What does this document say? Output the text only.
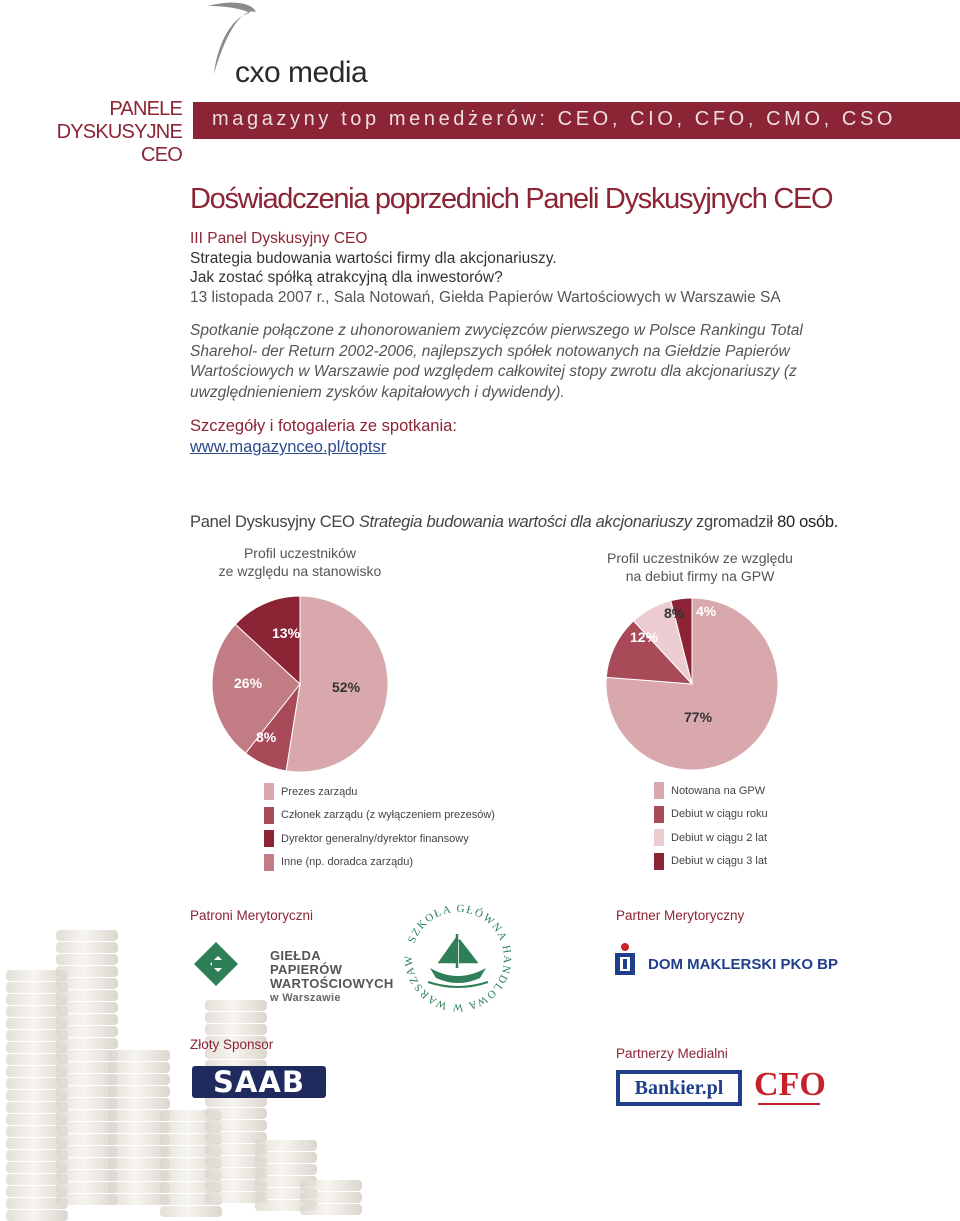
cxo media
PANELE DYSKUSYJNE
CEO
magazyny top menedżerów: CEO, CIO, CFO, CMO, CSO
Doświadczenia poprzednich Paneli Dyskusyjnych CEO
III Panel Dyskusyjny CEO
Strategia budowania wartości firmy dla akcjonariuszy.
Jak zostać spółką atrakcyjną dla inwestorów?
13 listopada 2007 r., Sala Notowań, Giełda Papierów Wartościowych w Warszawie SA
Spotkanie połączone z uhonorowaniem zwycięzców pierwszego w Polsce Rankingu Total Sharehol- der Return 2002-2006, najlepszych spółek notowanych na Giełdzie Papierów Wartościowych w Warszawie pod względem całkowitej stopy zwrotu dla akcjonariuszy (z uwzględnienieniem zysków kapitałowych i dywidendy).
Szczegóły i fotogaleria ze spotkania:
www.magazynceo.pl/toptsr
Panel Dyskusyjny CEO Strategia budowania wartości dla akcjonariuszy zgromadził 80 osób.
Profil uczestników
ze względu na stanowisko
Profil uczestników ze względu
na debiut firmy na GPW
52%
8%
26%
13%
77%
12%
8% 4%
Prezes zarządu
Członek zarządu (z wyłączeniem prezesów)
Dyrektor generalny/dyrektor finansowy
Inne (np. doradca zarządu)
Notowana na GPW
Debiut w ciągu roku
Debiut w ciągu 2 lat
Debiut w ciągu 3 lat
Patroni Merytoryczni
GIEŁDA PAPIERÓW
WARTOŚCIOWYCH
w Warszawie
SZKOŁA GŁÓWNA HANDLOWA W WARSZAW
Partner Merytoryczny
DOM MAKLERSKI PKO BP
Złoty Sponsor
SAAB
Partnerzy Medialni
Bankier.pl CFO
